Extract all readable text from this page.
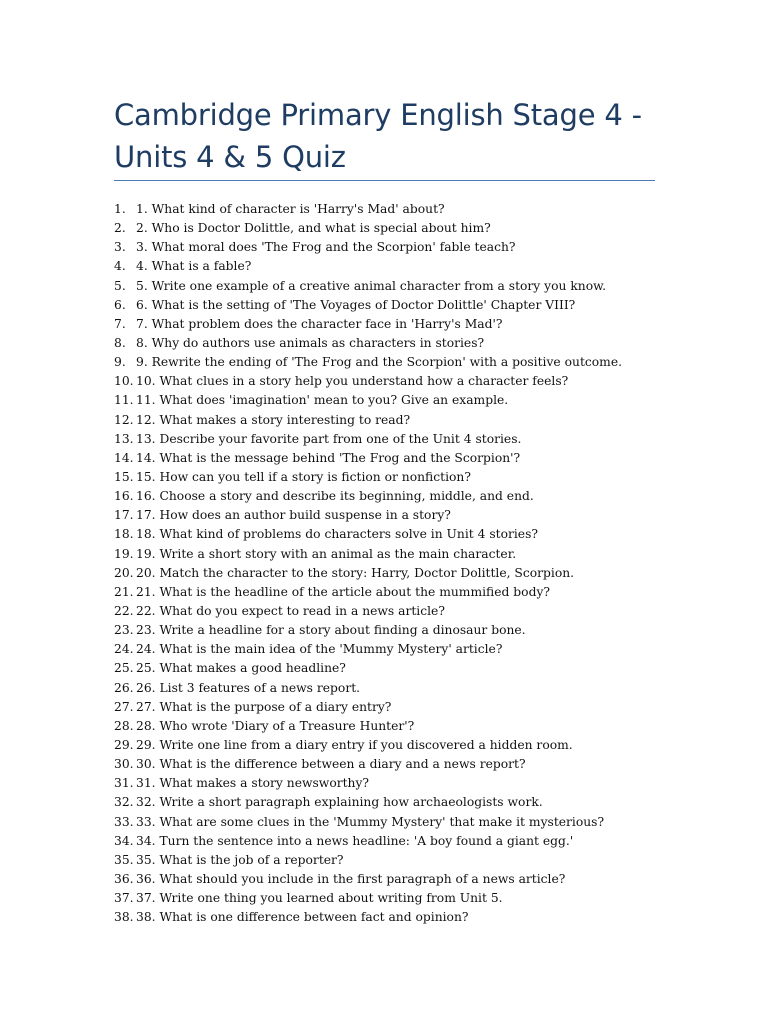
Cambridge Primary English Stage 4 - Units 4 & 5 Quiz
1. 1. What kind of character is 'Harry's Mad' about?
2. 2. Who is Doctor Dolittle, and what is special about him?
3. 3. What moral does 'The Frog and the Scorpion' fable teach?
4. 4. What is a fable?
5. 5. Write one example of a creative animal character from a story you know.
6. 6. What is the setting of 'The Voyages of Doctor Dolittle' Chapter VIII?
7. 7. What problem does the character face in 'Harry's Mad'?
8. 8. Why do authors use animals as characters in stories?
9. 9. Rewrite the ending of 'The Frog and the Scorpion' with a positive outcome.
10. 10. What clues in a story help you understand how a character feels?
11. 11. What does 'imagination' mean to you? Give an example.
12. 12. What makes a story interesting to read?
13. 13. Describe your favorite part from one of the Unit 4 stories.
14. 14. What is the message behind 'The Frog and the Scorpion'?
15. 15. How can you tell if a story is fiction or nonfiction?
16. 16. Choose a story and describe its beginning, middle, and end.
17. 17. How does an author build suspense in a story?
18. 18. What kind of problems do characters solve in Unit 4 stories?
19. 19. Write a short story with an animal as the main character.
20. 20. Match the character to the story: Harry, Doctor Dolittle, Scorpion.
21. 21. What is the headline of the article about the mummified body?
22. 22. What do you expect to read in a news article?
23. 23. Write a headline for a story about finding a dinosaur bone.
24. 24. What is the main idea of the 'Mummy Mystery' article?
25. 25. What makes a good headline?
26. 26. List 3 features of a news report.
27. 27. What is the purpose of a diary entry?
28. 28. Who wrote 'Diary of a Treasure Hunter'?
29. 29. Write one line from a diary entry if you discovered a hidden room.
30. 30. What is the difference between a diary and a news report?
31. 31. What makes a story newsworthy?
32. 32. Write a short paragraph explaining how archaeologists work.
33. 33. What are some clues in the 'Mummy Mystery' that make it mysterious?
34. 34. Turn the sentence into a news headline: 'A boy found a giant egg.'
35. 35. What is the job of a reporter?
36. 36. What should you include in the first paragraph of a news article?
37. 37. Write one thing you learned about writing from Unit 5.
38. 38. What is one difference between fact and opinion?
